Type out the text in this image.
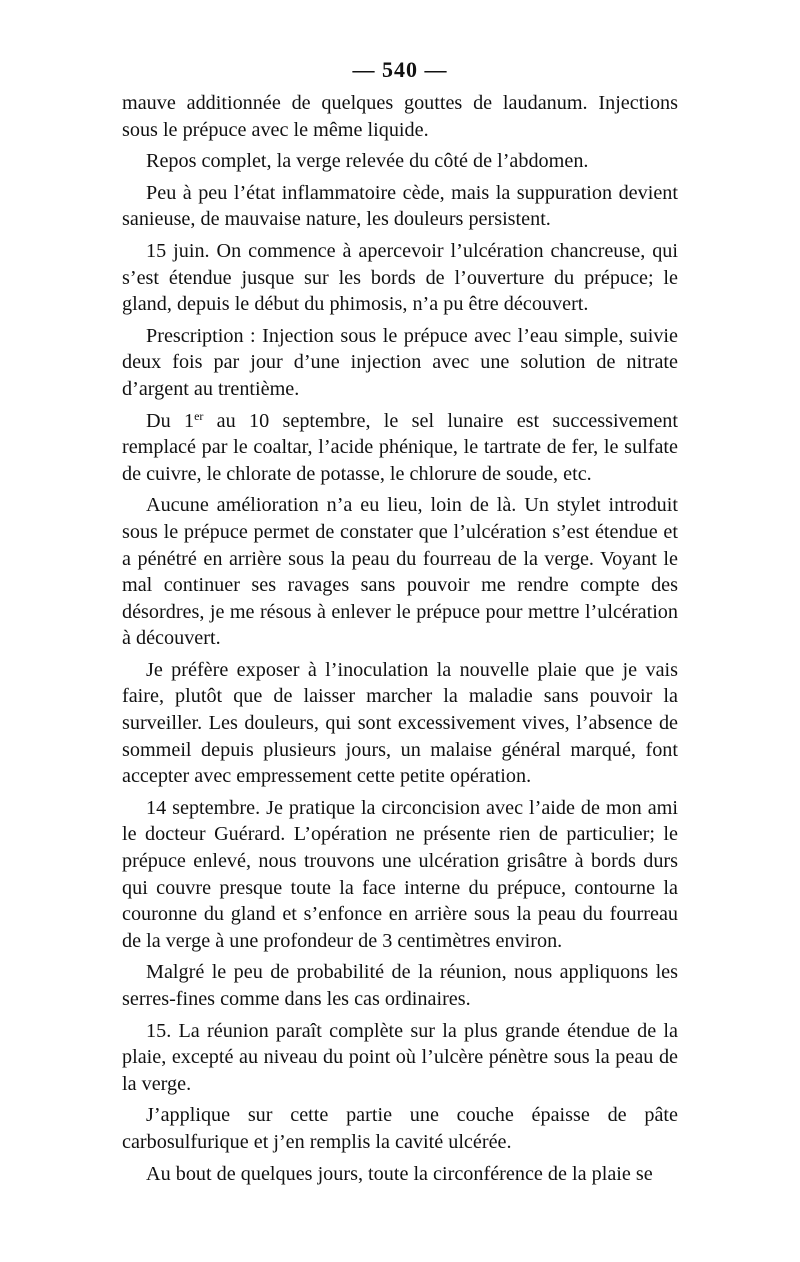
— 540 —

mauve additionnée de quelques gouttes de laudanum. Injections sous le prépuce avec le même liquide.

Repos complet, la verge relevée du côté de l’abdomen.

Peu à peu l’état inflammatoire cède, mais la suppuration devient sanieuse, de mauvaise nature, les douleurs persistent.

15 juin. On commence à apercevoir l’ulcération chancreuse, qui s’est étendue jusque sur les bords de l’ouverture du prépuce; le gland, depuis le début du phimosis, n’a pu être découvert.

Prescription : Injection sous le prépuce avec l’eau simple, suivie deux fois par jour d’une injection avec une solution de nitrate d’argent au trentième.

Du 1er au 10 septembre, le sel lunaire est successivement remplacé par le coaltar, l’acide phénique, le tartrate de fer, le sulfate de cuivre, le chlorate de potasse, le chlorure de soude, etc.

Aucune amélioration n’a eu lieu, loin de là. Un stylet introduit sous le prépuce permet de constater que l’ulcération s’est étendue et a pénétré en arrière sous la peau du fourreau de la verge. Voyant le mal continuer ses ravages sans pouvoir me rendre compte des désordres, je me résous à enlever le prépuce pour mettre l’ulcération à découvert.

Je préfère exposer à l’inoculation la nouvelle plaie que je vais faire, plutôt que de laisser marcher la maladie sans pouvoir la surveiller. Les douleurs, qui sont excessivement vives, l’absence de sommeil depuis plusieurs jours, un malaise général marqué, font accepter avec empressement cette petite opération.

14 septembre. Je pratique la circoncision avec l’aide de mon ami le docteur Guérard. L’opération ne présente rien de particulier; le prépuce enlevé, nous trouvons une ulcération grisâtre à bords durs qui couvre presque toute la face interne du prépuce, contourne la couronne du gland et s’enfonce en arrière sous la peau du fourreau de la verge à une profondeur de 3 centimètres environ.

Malgré le peu de probabilité de la réunion, nous appliquons les serres-fines comme dans les cas ordinaires.

15. La réunion paraît complète sur la plus grande étendue de la plaie, excepté au niveau du point où l’ulcère pénètre sous la peau de la verge.

J’applique sur cette partie une couche épaisse de pâte carbosulfurique et j’en remplis la cavité ulcérée.

Au bout de quelques jours, toute la circonférence de la plaie se
